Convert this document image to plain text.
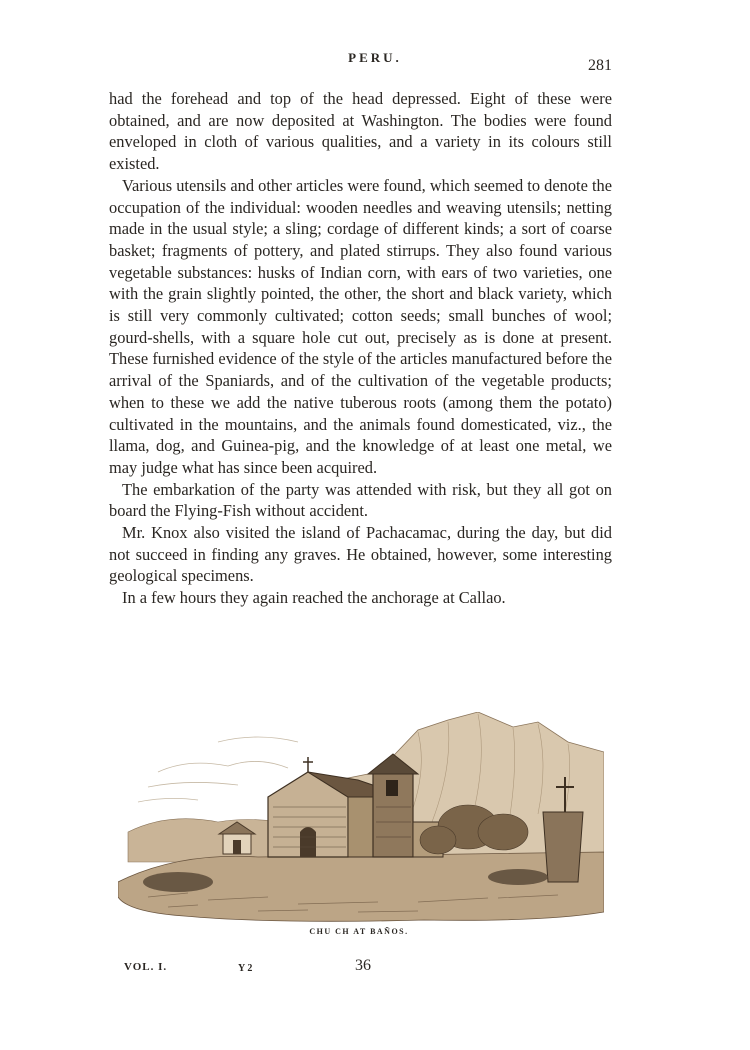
PERU.	281

had the forehead and top of the head depressed. Eight of these were obtained, and are now deposited at Washington. The bodies were found enveloped in cloth of various qualities, and a variety in its colours still existed.

Various utensils and other articles were found, which seemed to denote the occupation of the individual: wooden needles and weaving utensils; netting made in the usual style; a sling; cordage of different kinds; a sort of coarse basket; fragments of pottery, and plated stirrups. They also found various vegetable substances: husks of Indian corn, with ears of two varieties, one with the grain slightly pointed, the other, the short and black variety, which is still very commonly cultivated; cotton seeds; small bunches of wool; gourd-shells, with a square hole cut out, precisely as is done at present. These furnished evidence of the style of the articles manufactured before the arrival of the Spaniards, and of the cultivation of the vegetable products; when to these we add the native tuberous roots (among them the potato) cultivated in the mountains, and the animals found domesticated, viz., the llama, dog, and Guinea-pig, and the knowledge of at least one metal, we may judge what has since been acquired.

The embarkation of the party was attended with risk, but they all got on board the Flying-Fish without accident.

Mr. Knox also visited the island of Pachacamac, during the day, but did not succeed in finding any graves. He obtained, however, some interesting geological specimens.

In a few hours they again reached the anchorage at Callao.

CHU CH AT BAÑOS.
VOL. I.	Y 2	36
